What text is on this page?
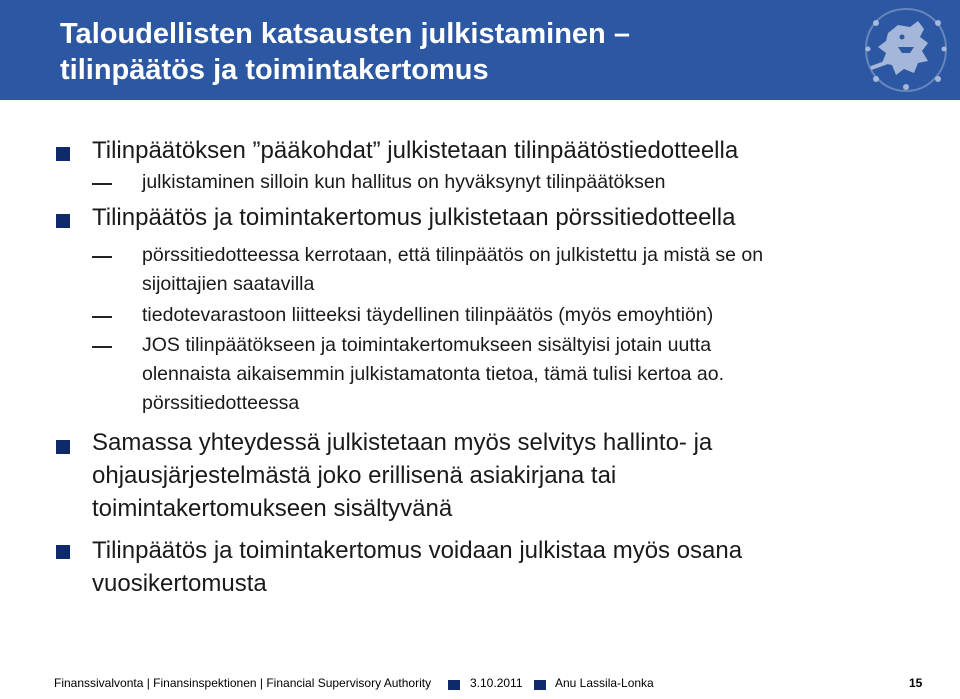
Taloudellisten katsausten julkistaminen –
tilinpäätös ja toimintakertomus
Tilinpäätöksen ”pääkohdat” julkistetaan tilinpäätöstiedotteella
julkistaminen silloin kun hallitus on hyväksynyt tilinpäätöksen
Tilinpäätös ja toimintakertomus julkistetaan pörssitiedotteella
pörssitiedotteessa kerrotaan, että tilinpäätös on julkistettu ja mistä se on
sijoittajien saatavilla
tiedotevarastoon liitteeksi täydellinen tilinpäätös (myös emoyhtiön)
JOS tilinpäätökseen ja toimintakertomukseen sisältyisi jotain uutta
olennaista aikaisemmin julkistamatonta tietoa, tämä tulisi kertoa ao.
pörssitiedotteessa
Samassa yhteydessä julkistetaan myös selvitys hallinto- ja
ohjausjärjestelmästä joko erillisenä asiakirjana tai
toimintakertomukseen sisältyvänä
Tilinpäätös ja toimintakertomus voidaan julkistaa myös osana
vuosikertomusta
Finanssivalvonta | Finansinspektionen | Financial Supervisory Authority	3.10.2011	Anu Lassila-Lonka	15
